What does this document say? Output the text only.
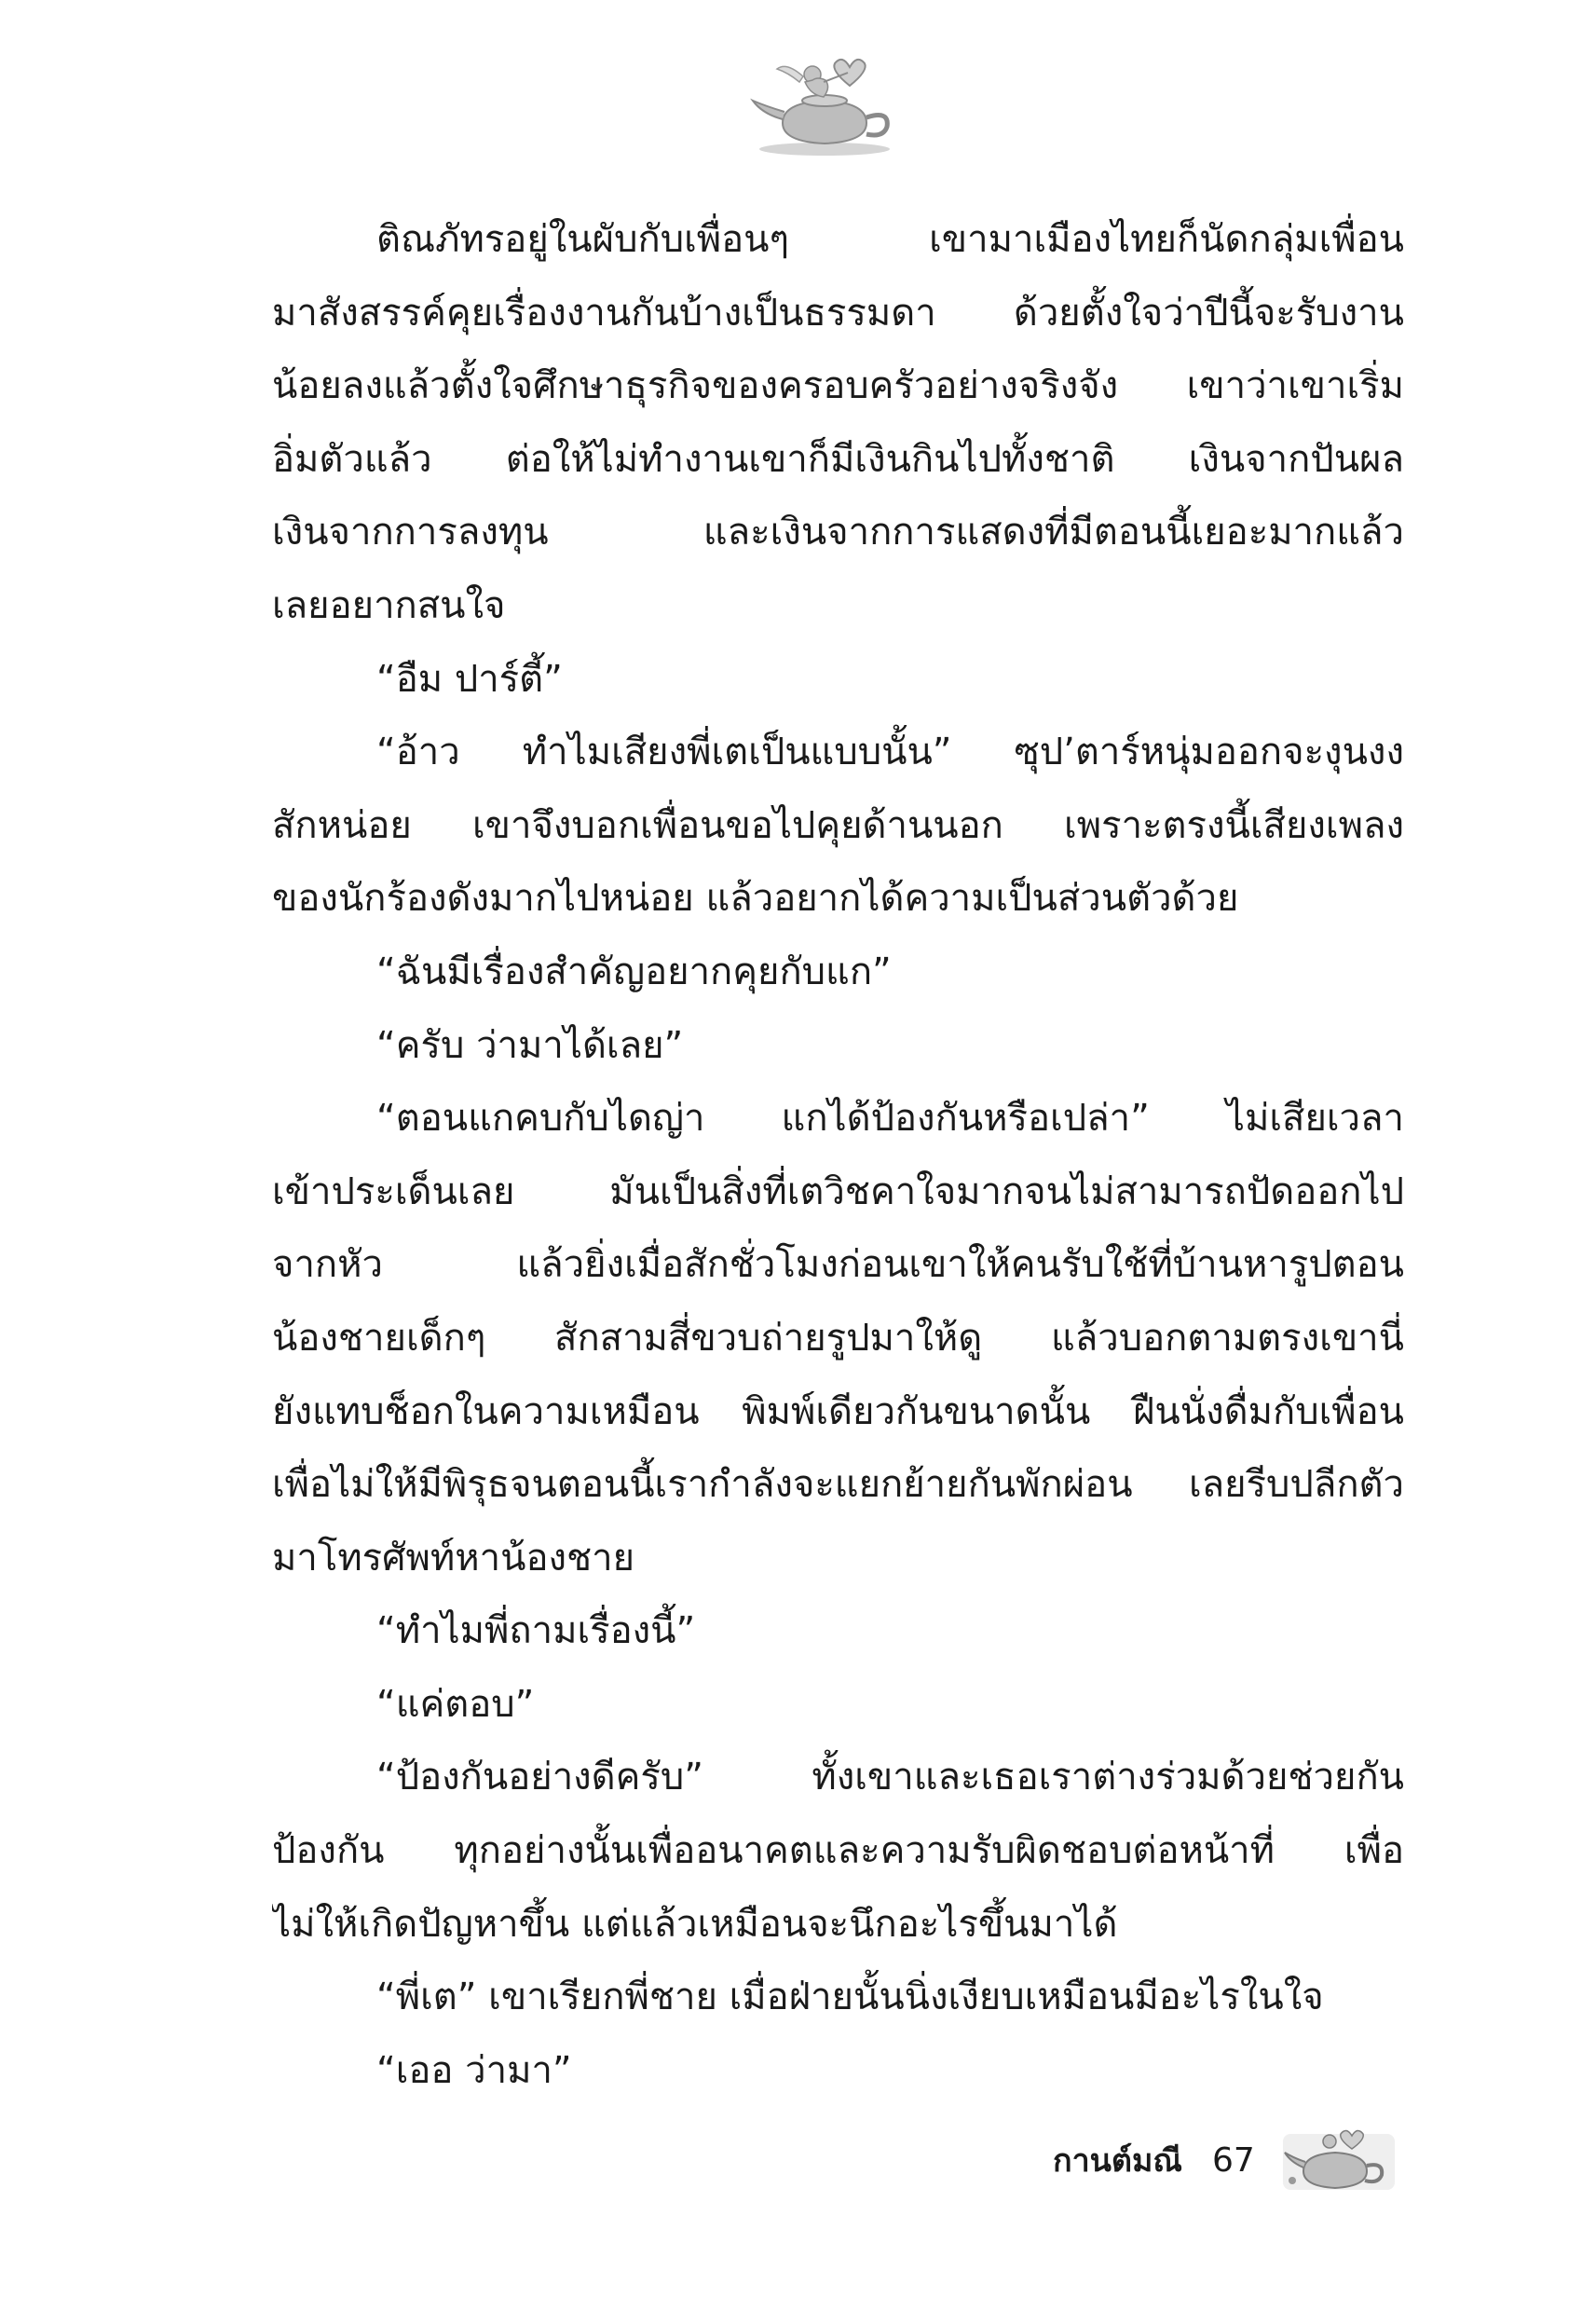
ติณภัทรอยู่ในผับกับเพื่อนๆ เขามาเมืองไทยก็นัดกลุ่มเพื่อน
มาสังสรรค์คุยเรื่องงานกันบ้างเป็นธรรมดา ด้วยตั้งใจว่าปีนี้จะรับงาน
น้อยลงแล้วตั้งใจศึกษาธุรกิจของครอบครัวอย่างจริงจัง เขาว่าเขาเริ่ม
อิ่มตัวแล้ว ต่อให้ไม่ทำงานเขาก็มีเงินกินไปทั้งชาติ เงินจากปันผล
เงินจากการลงทุน และเงินจากการแสดงที่มีตอนนี้เยอะมากแล้ว
เลยอยากสนใจ
“อืม ปาร์ตี้”
“อ้าว ทำไมเสียงพี่เตเป็นแบบนั้น” ซุป’ตาร์หนุ่มออกจะงุนงง
สักหน่อย เขาจึงบอกเพื่อนขอไปคุยด้านนอก เพราะตรงนี้เสียงเพลง
ของนักร้องดังมากไปหน่อย แล้วอยากได้ความเป็นส่วนตัวด้วย
“ฉันมีเรื่องสำคัญอยากคุยกับแก”
“ครับ ว่ามาได้เลย”
“ตอนแกคบกับไดญ่า แกได้ป้องกันหรือเปล่า” ไม่เสียเวลา
เข้าประเด็นเลย มันเป็นสิ่งที่เตวิชคาใจมากจนไม่สามารถปัดออกไป
จากหัว แล้วยิ่งเมื่อสักชั่วโมงก่อนเขาให้คนรับใช้ที่บ้านหารูปตอน
น้องชายเด็กๆ สักสามสี่ขวบถ่ายรูปมาให้ดู แล้วบอกตามตรงเขานี่
ยังแทบช็อกในความเหมือน พิมพ์เดียวกันขนาดนั้น ฝืนนั่งดื่มกับเพื่อน
เพื่อไม่ให้มีพิรุธจนตอนนี้เรากำลังจะแยกย้ายกันพักผ่อน เลยรีบปลีกตัว
มาโทรศัพท์หาน้องชาย
“ทำไมพี่ถามเรื่องนี้”
“แค่ตอบ”
“ป้องกันอย่างดีครับ” ทั้งเขาและเธอเราต่างร่วมด้วยช่วยกัน
ป้องกัน ทุกอย่างนั้นเพื่ออนาคตและความรับผิดชอบต่อหน้าที่ เพื่อ
ไม่ให้เกิดปัญหาขึ้น แต่แล้วเหมือนจะนึกอะไรขึ้นมาได้
“พี่เต” เขาเรียกพี่ชาย เมื่อฝ่ายนั้นนิ่งเงียบเหมือนมีอะไรในใจ
“เออ ว่ามา”
กานต์มณี 67
